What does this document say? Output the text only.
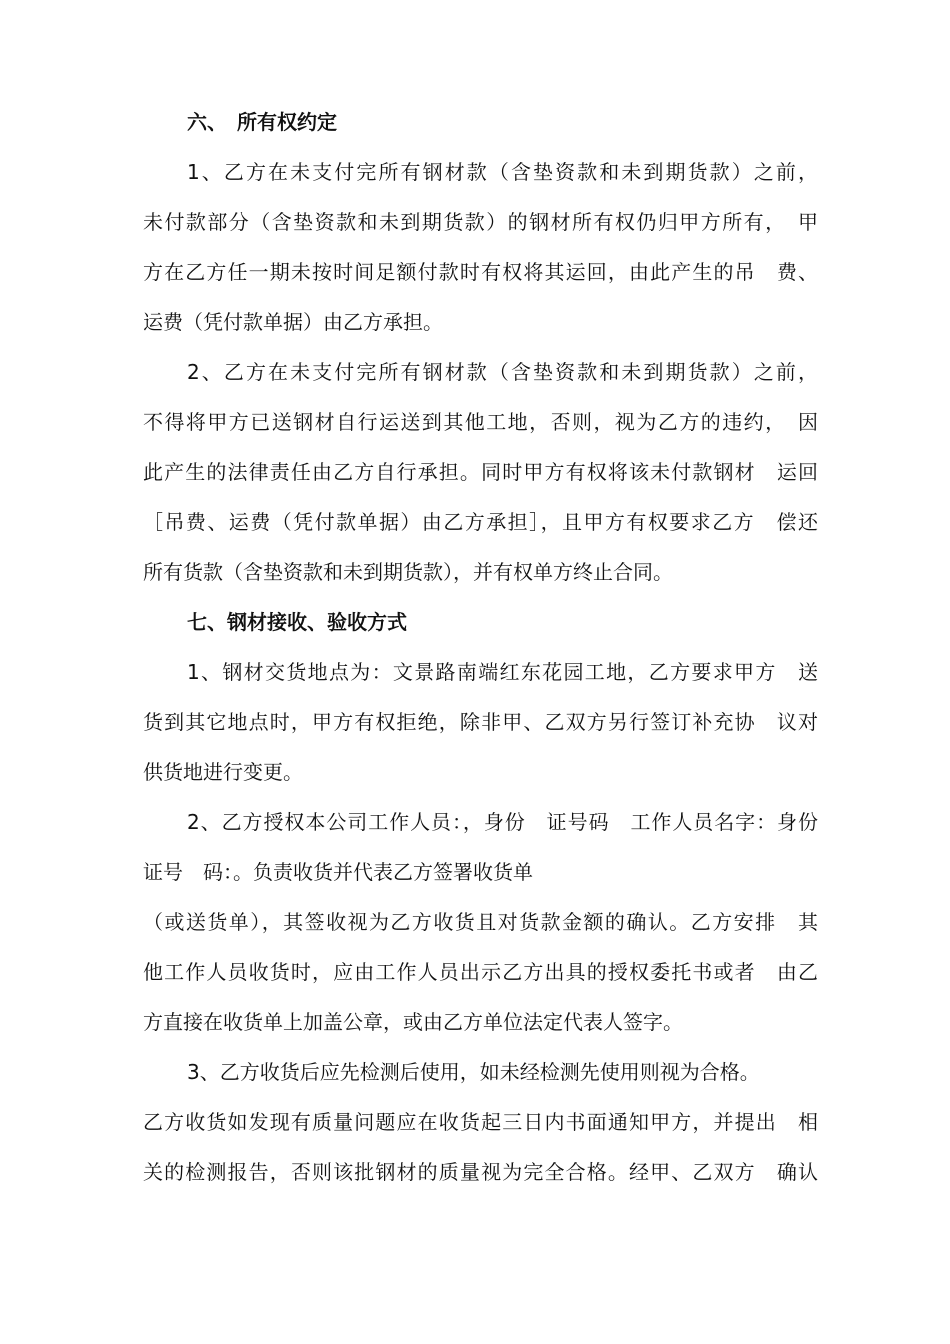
六、　所有权约定
1、乙方在未支付完所有钢材款（含垫资款和未到期货款）之前，
未付款部分（含垫资款和未到期货款）的钢材所有权仍归甲方所有，　甲
方在乙方任一期未按时间足额付款时有权将其运回，由此产生的吊　费、
运费（凭付款单据）由乙方承担。
2、乙方在未支付完所有钢材款（含垫资款和未到期货款）之前，
不得将甲方已送钢材自行运送到其他工地，否则，视为乙方的违约，　因
此产生的法律责任由乙方自行承担。同时甲方有权将该未付款钢材　运回
［吊费、运费（凭付款单据）由乙方承担］，且甲方有权要求乙方　偿还
所有货款（含垫资款和未到期货款），并有权单方终止合同。
七、钢材接收、验收方式
1、钢材交货地点为：文景路南端红东花园工地，乙方要求甲方　送
货到其它地点时，甲方有权拒绝，除非甲、乙双方另行签订补充协　议对
供货地进行变更。
2、乙方授权本公司工作人员：，身份　证号码　工作人员名字：身份
证号　码：。负责收货并代表乙方签署收货单
（或送货单），其签收视为乙方收货且对货款金额的确认。乙方安排　其
他工作人员收货时，应由工作人员出示乙方出具的授权委托书或者　由乙
方直接在收货单上加盖公章，或由乙方单位法定代表人签字。
3、乙方收货后应先检测后使用，如未经检测先使用则视为合格。
乙方收货如发现有质量问题应在收货起三日内书面通知甲方，并提出　相
关的检测报告，否则该批钢材的质量视为完全合格。经甲、乙双方　确认
